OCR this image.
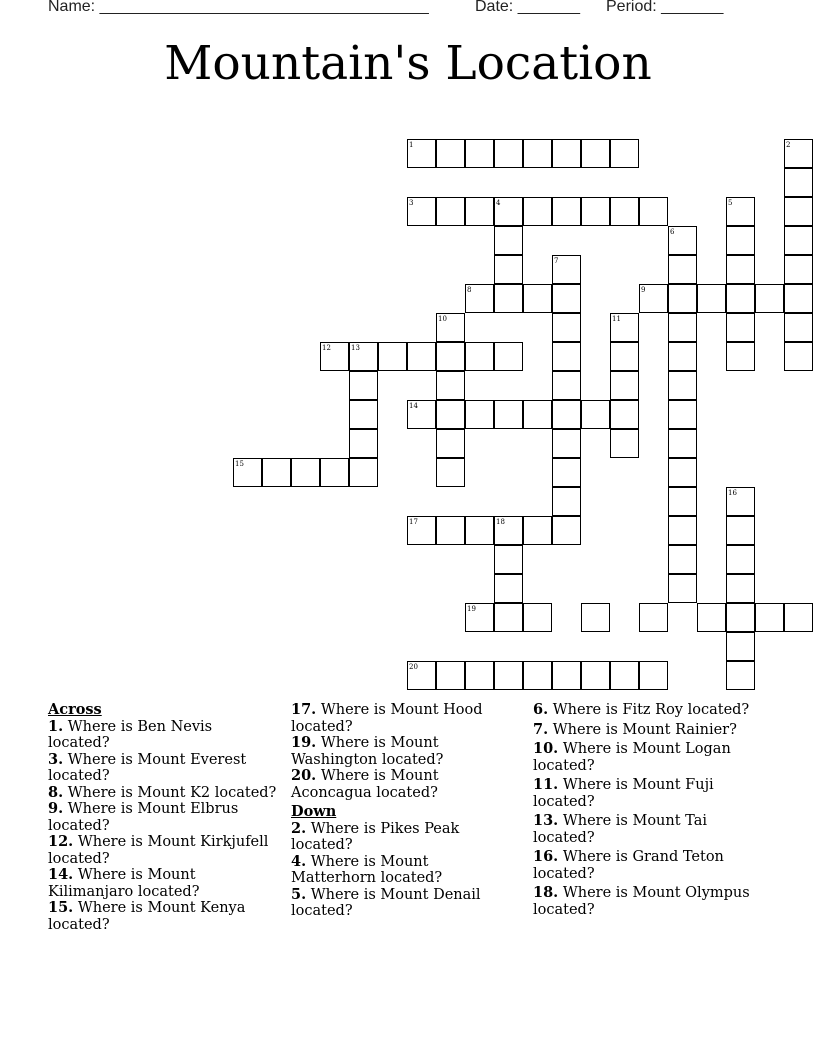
Name: _____________________________________	Date: _______ Period: _______
Mountain's Location
1	2
3	4	5
6
7
8	9
10	11
12	13
14
15
16
17	18
19
20
Across
1. Where is Ben Nevis located?
3. Where is Mount Everest located?
8. Where is Mount K2 located?
9. Where is Mount Elbrus located?
12. Where is Mount Kirkjufell located?
14. Where is Mount Kilimanjaro located?
15. Where is Mount Kenya located?
17. Where is Mount Hood located?
19. Where is Mount Washington located?
20. Where is Mount Aconcagua located?
Down
2. Where is Pikes Peak located?
4. Where is Mount Matterhorn located?
5. Where is Mount Denail located?
6. Where is Fitz Roy located?
7. Where is Mount Rainier?
10. Where is Mount Logan located?
11. Where is Mount Fuji located?
13. Where is Mount Tai located?
16. Where is Grand Teton located?
18. Where is Mount Olympus located?
